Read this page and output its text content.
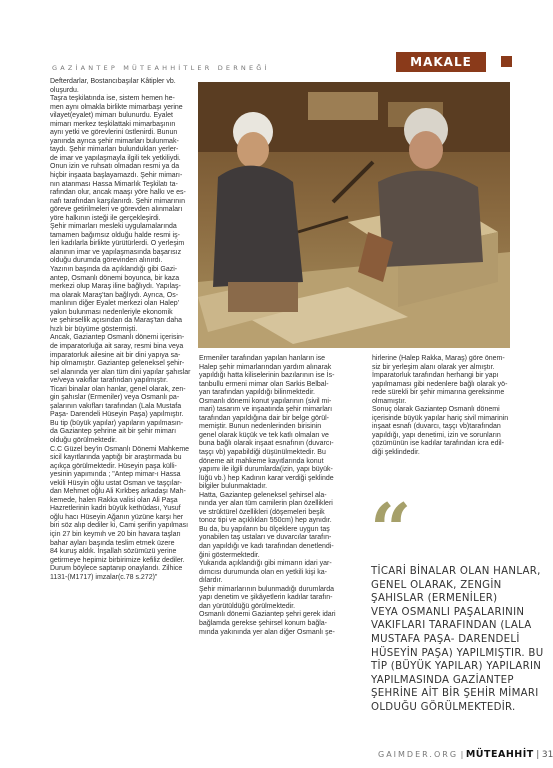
MAKALE
GAZİANTEP MÜTEAHHİTLER DERNEĞİ

Defterdarlar, Bostancıbaşılar Kâtipler vb.

oluşurdu.

Taşra teşkilatında ise, sistem hemen he-

men aynı olmakla birlikte mimarbaşı yerine

vilayet(eyalet) mimarı bulunurdu. Eyalet

mimarı merkez teşkilattaki mimarbaşının

aynı yetki ve görevlerini üstlenirdi. Bunun

yanında ayrıca şehir mimarları bulunmak-

taydı. Şehir mimarları bulundukları yerler-

de imar ve yapılaşmayla ilgili tek yetkiliydi.

Onun izin ve ruhsatı olmadan resmi ya da

hiçbir inşaata başlayamazdı. Şehir mimarı-

nın atanması Hassa Mimarlık Teşkilatı ta-

rafından olur, ancak maaşı yöre halkı ve es-

nafı tarafından karşılanırdı. Şehir mimarının

göreve getirilmeleri ve görevden alınmaları

yöre halkının isteği ile gerçekleşirdi.

Şehir mimarları mesleki uygulamalarında

tamamen bağımsız olduğu halde resmi iş-

leri kadılarla birlikte yürütürlerdi. O yerleşim

alanının imar ve yapılaşmasında başarısız

olduğu durumda görevinden alınırdı.

Yazının başında da açıklandığı gibi Gazi-

antep, Osmanlı dönemi boyunca, bir kaza

merkezi olup Maraş iline bağlıydı. Yapılaş-

ma olarak Maraş'tan bağlıydı. Ayrıca, Os-

manlının diğer Eyalet merkezi olan Halep'

yakın bulunması nedenleriyle ekonomik

ve şehirsellik açısından da Maraş'tan daha

hızlı bir büyüme göstermişti.

Ancak, Gaziantep Osmanlı dönemi içerisin-

de imparatorluğa ait saray, resmi bina veya

imparatorluk ailesine ait bir dini yapıya sa-

hip olmamıştır. Gaziantep geleneksel şehir-

sel alanında yer alan tüm dini yapılar şahıslar

ve/veya vakıflar tarafından yapılmıştır.

Ticari binalar olan hanlar, genel olarak, zen-

gin şahıslar (Ermeniler) veya Osmanlı pa-

şalarının vakıfları tarafından (Lala Mustafa

Paşa- Darendeli Hüseyin Paşa) yapılmıştır.

Bu tip (büyük yapılar) yapıların yapılmasın-

da Gaziantep şehrine ait bir şehir mimarı

olduğu görülmektedir.

C.C Güzel bey'in Osmanlı Dönemi Mahkeme

sicil kayıtlarında yaptığı bir araştırmada bu

açıkça görülmektedir. Hüseyin paşa külli-

yesinin yapımında ; "Antep mimar-ı Hassa

vekili Hüsyin oğlu ustat Osman ve taşçılar-

dan Mehmet oğlu Ali Kırkbeş arkadaşı Mah-

kemede, halen Rakka valisi olan Ali Paşa

Hazretlerinin kadri büyük kethüdası, Yusuf

oğlu hacı Hüseyin Ağanın yüzüne karşı her

biri söz alıp dediler ki, Cami şerifin yapılması

için 27 bin keymıh ve 20 bin havara taşları

bahar ayları başında teslim etmek üzere

84 kuruş aldık. İnşallah sözümüzü yerine

getirmeye hepimiz birbirimize kefiliz dediler.

Durum böylece saptanıp onaylandı. Zilhice

1131-(M1717) imzalar(c.78 s.272)"

Ermeniler tarafından yapılan hanların ise

Halep şehir mimarlarından yardım alınarak

yapıldığı hatta kiliselerinin bazılarının ise İs-

tanbullu ermeni mimar olan Sarkis Belbal-

yan tarafından yapıldığı bilinmektedir.

Osmanlı dönemi konut yapılarının (sivil mi-

mari) tasarım ve inşaatında şehir mimarları

tarafından yapıldığına dair bir belge görül-

memiştir. Bunun nedenlerinden birisinin

genel olarak küçük ve tek katlı olmaları ve

buna bağlı olarak inşaat esnafının (duvarcı-

taşçı vb) yapabildiği düşünülmektedir. Bu

döneme ait mahkeme kayıtlarında konut

yapımı ile ilgili durumlarda(izin, yapı büyük-

lüğü vb.) hep Kadının karar verdiği şeklinde

bilgiler bulunmaktadır.

Hatta, Gaziantep geleneksel şehirsel ala-

nında yer alan tüm camilerin plan özellikleri

ve strüktürel özellikleri (döşemeleri beşik

tonoz tipi ve açıklıkları 550cm) hep aynıdır.

Bu da, bu yapıların bu ölçeklere uygun taş

yonabilen taş ustaları ve duvarcılar tarafın-

dan yapıldığı ve kadı tarafından denetlendi-

ğini göstermektedir.

Yukarıda açıklandığı gibi mimarın idari yar-

dımcısı durumunda olan en yetkili kişi ka-

dılardır.

Şehir mimarlarının bulunmadığı durumlarda

yapı denetim ve şikâyetlerin kadılar tarafın-

dan yürütüldüğü görülmektedir.

Osmanlı dönemi Gaziantep şehri gerek idari

bağlamda gerekse şehirsel konum bağla-

mında yakınında yer alan diğer Osmanlı şe-

hirlerine (Halep Rakka, Maraş) göre önem-

siz bir yerleşim alanı olarak yer almıştır.

İmparatorluk tarafından herhangi bir yapı

yapılmaması gibi nedenlere bağlı olarak yö-

rede sürekli bir şehir mimarına gereksinme

olmamıştır.

Sonuç olarak Gaziantep Osmanlı dönemi

içerisinde büyük yapılar hariç sivil mimarinin

inşaat esnafı (duvarcı, taşçı vb)tarafından

yapıldığı, yapı denetimi, izin ve sorunların

çözümünün ise kadılar tarafından icra edil-

diği şeklindedir.

“

TİCARİ BİNALAR OLAN HANLAR,

GENEL OLARAK, ZENGİN

ŞAHISLAR (ERMENİLER)

VEYA OSMANLI PAŞALARININ

VAKIFLARI TARAFINDAN (LALA

MUSTAFA PAŞA- DARENDELİ

HÜSEYİN PAŞA) YAPILMIŞTIR. BU

TİP (BÜYÜK YAPILAR) YAPILARIN

YAPILMASINDA GAZİANTEP

ŞEHRİNE AİT BİR ŞEHİR MİMARI

OLDUĞU GÖRÜLMEKTEDİR.

GAIMDER.ORG | MÜTEAHHİT | 31
